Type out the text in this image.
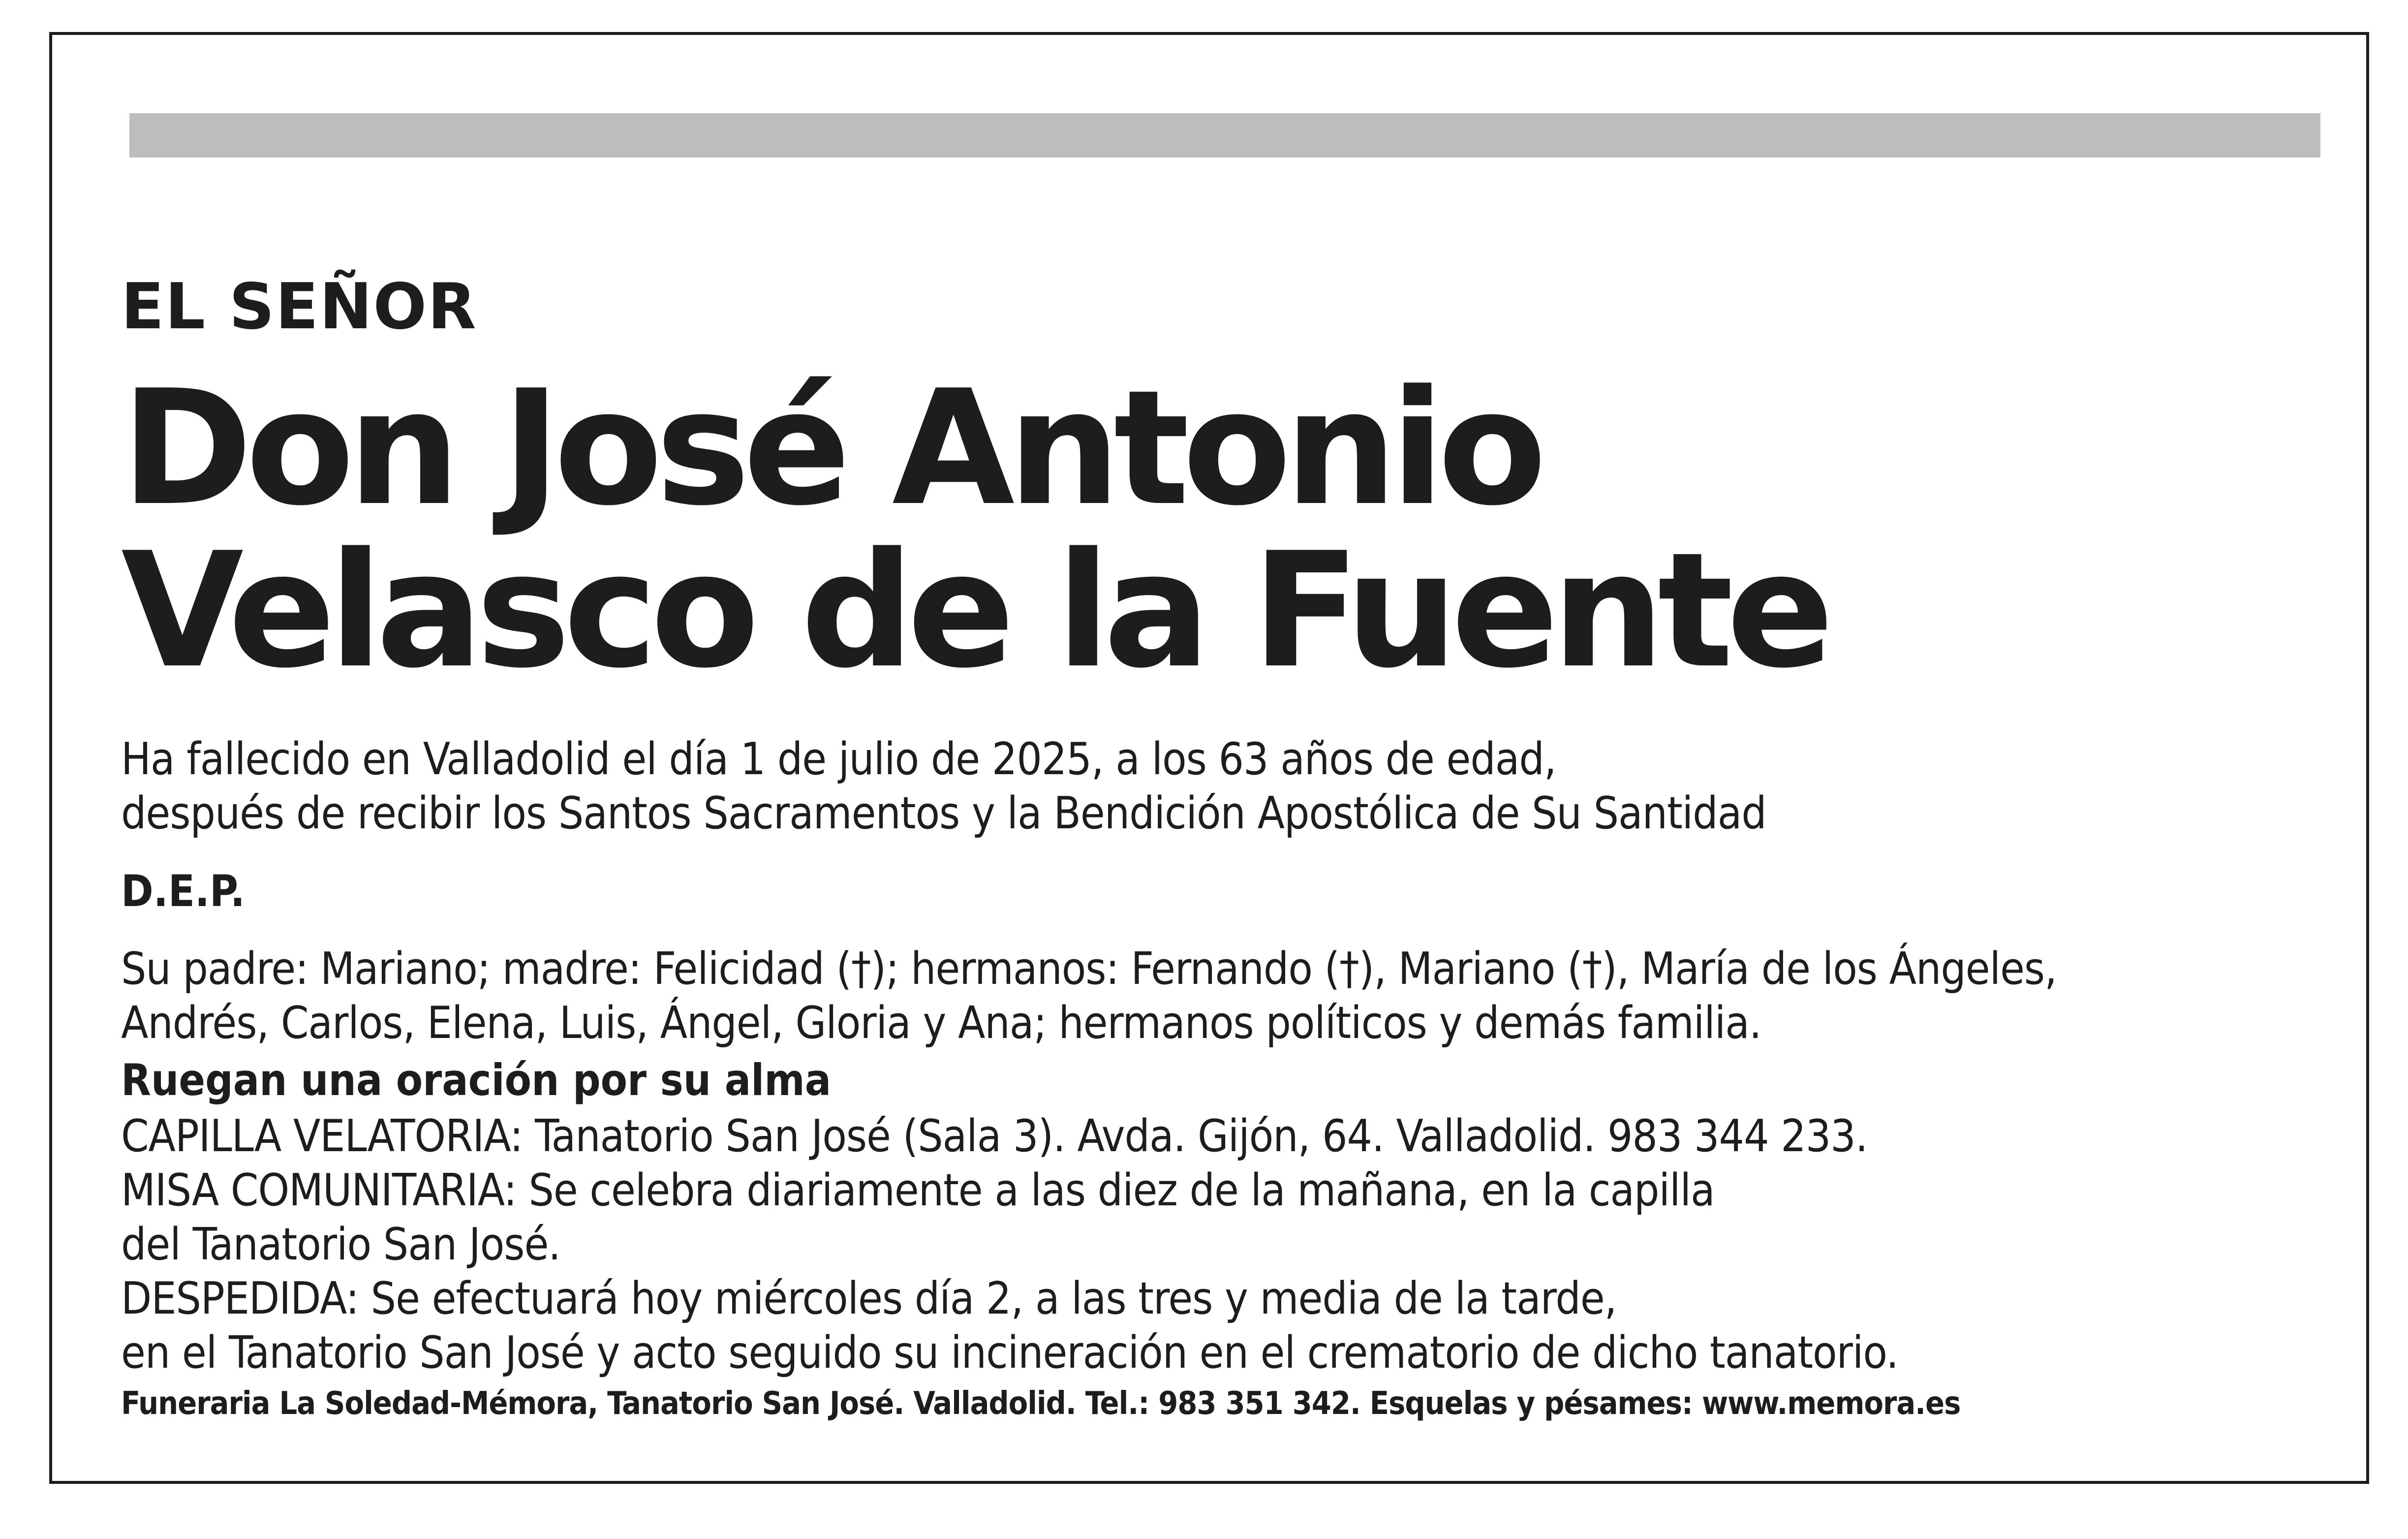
EL SEÑOR

Don José Antonio

Velasco de la Fuente

Ha fallecido en Valladolid el día 1 de julio de 2025, a los 63 años de edad,

después de recibir los Santos Sacramentos y la Bendición Apostólica de Su Santidad

D.E.P.

Su padre: Mariano; madre: Felicidad (†); hermanos: Fernando (†), Mariano (†), María de los Ángeles,

Andrés, Carlos, Elena, Luis, Ángel, Gloria y Ana; hermanos políticos y demás familia.

Ruegan una oración por su alma

CAPILLA VELATORIA: Tanatorio San José (Sala 3). Avda. Gijón, 64. Valladolid. 983 344 233.

MISA COMUNITARIA: Se celebra diariamente a las diez de la mañana, en la capilla

del Tanatorio San José.

DESPEDIDA: Se efectuará hoy miércoles día 2, a las tres y media de la tarde,

en el Tanatorio San José y acto seguido su incineración en el crematorio de dicho tanatorio.

Funeraria La Soledad-Mémora, Tanatorio San José. Valladolid. Tel.: 983 351 342. Esquelas y pésames: www.memora.es
